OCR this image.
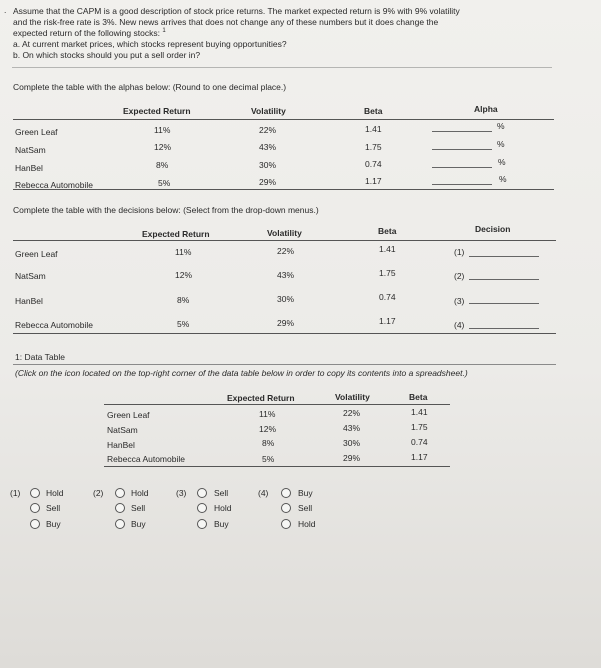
. Assume that the CAPM is a good description of stock price returns. The market expected return is 9% with 9% volatility
and the risk-free rate is 3%. New news arrives that does not change any of these numbers but it does change the
expected return of the following stocks: $^1$
a. At current market prices, which stocks represent buying opportunities?
b. On which stocks should you put a sell order in?
Complete the table with the alphas below: (Round to one decimal place.)
Expected Return	Volatility	Beta	Alpha
Green Leaf	11%	22%	1.41	%
NatSam	12%	43%	1.75	%
HanBel	8%	30%	0.74	%
Rebecca Automobile	5%	29%	1.17	%
Complete the table with the decisions below: (Select from the drop-down menus.)
Expected Return	Volatility	Beta	Decision
Green Leaf	11%	22%	1.41	(1)
NatSam	12%	43%	1.75	(2)
HanBel	8%	30%	0.74	(3)
Rebecca Automobile	5%	29%	1.17	(4)
1: Data Table
(Click on the icon located on the top-right corner of the data table below in order to copy its contents into a spreadsheet.)
Expected Return	Volatility	Beta
Green Leaf	11%	22%	1.41
NatSam	12%	43%	1.75
HanBel	8%	30%	0.74
Rebecca Automobile	5%	29%	1.17
(1)	Hold
Sell
Buy
(2)	Hold
Sell
Buy
(3)	Sell
Hold
Buy
(4)	Buy
Sell
Hold
